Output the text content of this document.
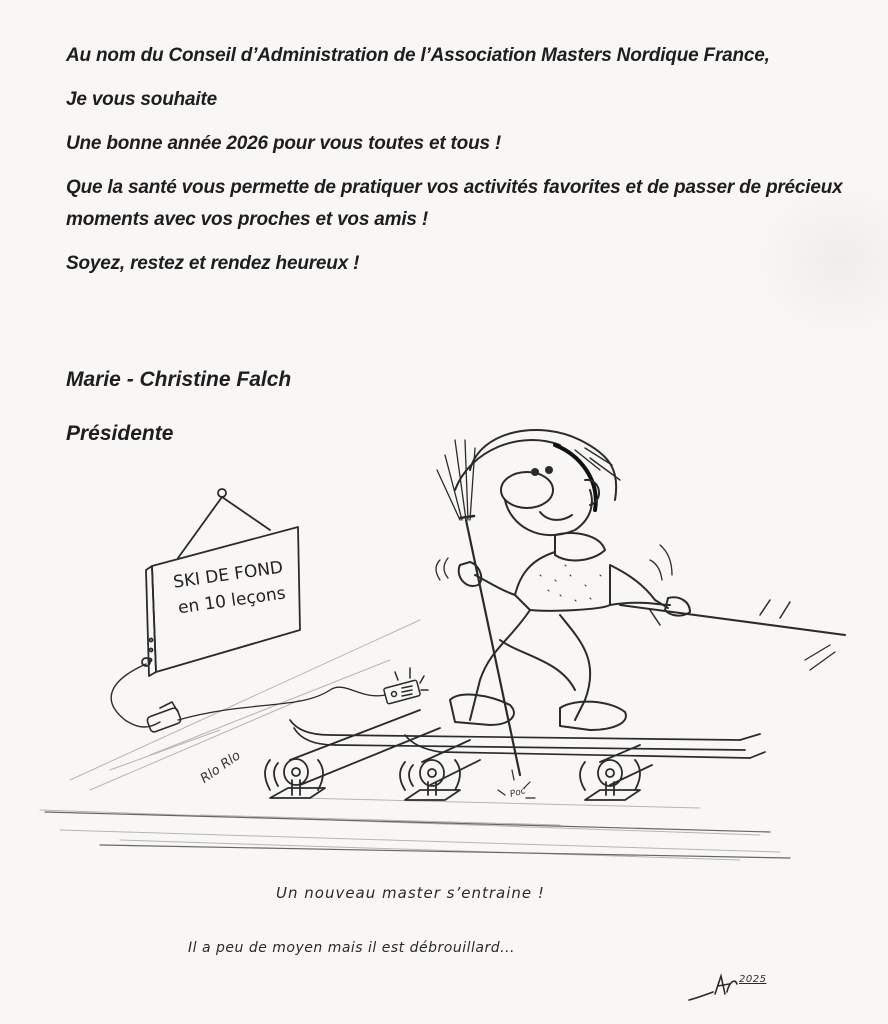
Au nom du Conseil d’Administration de l’Association Masters Nordique France,

Je vous souhaite

Une bonne année 2026 pour vous toutes et tous !

Que la santé vous permette de pratiquer vos activités favorites et de passer de précieux moments avec vos proches et vos amis !

Soyez, restez et rendez heureux !

Marie - Christine Falch
Présidente
SKI DE FOND
en 10 leçons
Rlo Rlo
Poc
Un nouveau master s’entraine !
Il a peu de moyen mais il est débrouillard...
2025
